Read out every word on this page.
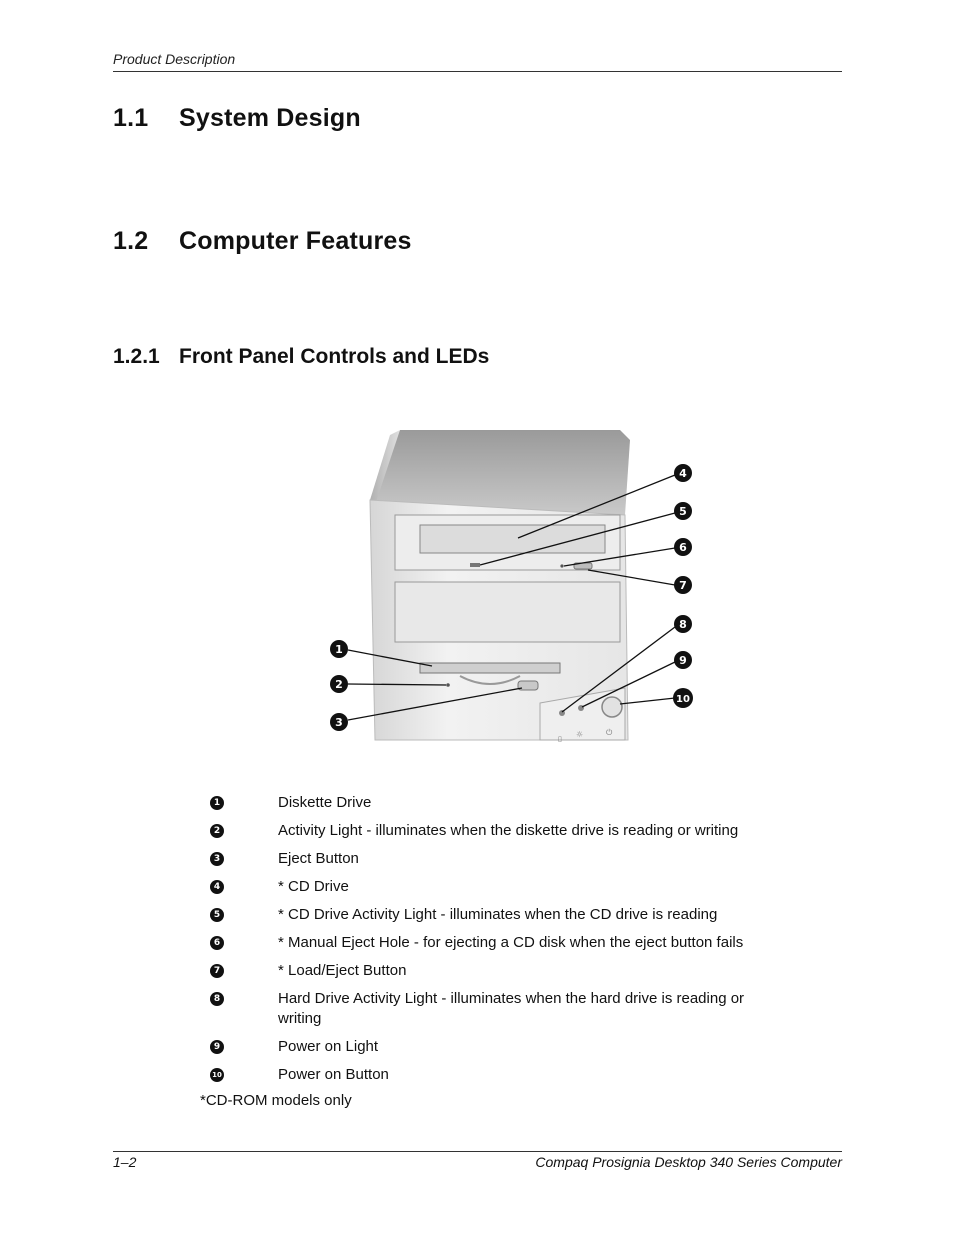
Product Description
1.1 System Design
1.2 Computer Features
1.2.1 Front Panel Controls and LEDs
▯ ☼	⏻
1
2
3
4
5
6
7
8
9
10
1	Diskette Drive
2	Activity Light - illuminates when the diskette drive is reading or writing
3	Eject Button
4	* CD Drive
5	* CD Drive Activity Light - illuminates when the CD drive is reading
6	* Manual Eject Hole - for ejecting a CD disk when the eject button fails
7	* Load/Eject Button
8	Hard Drive Activity Light - illuminates when the hard drive is reading or writing
9	Power on Light
10	Power on Button
*CD-ROM models only
1–2	Compaq Prosignia Desktop 340 Series Computer
